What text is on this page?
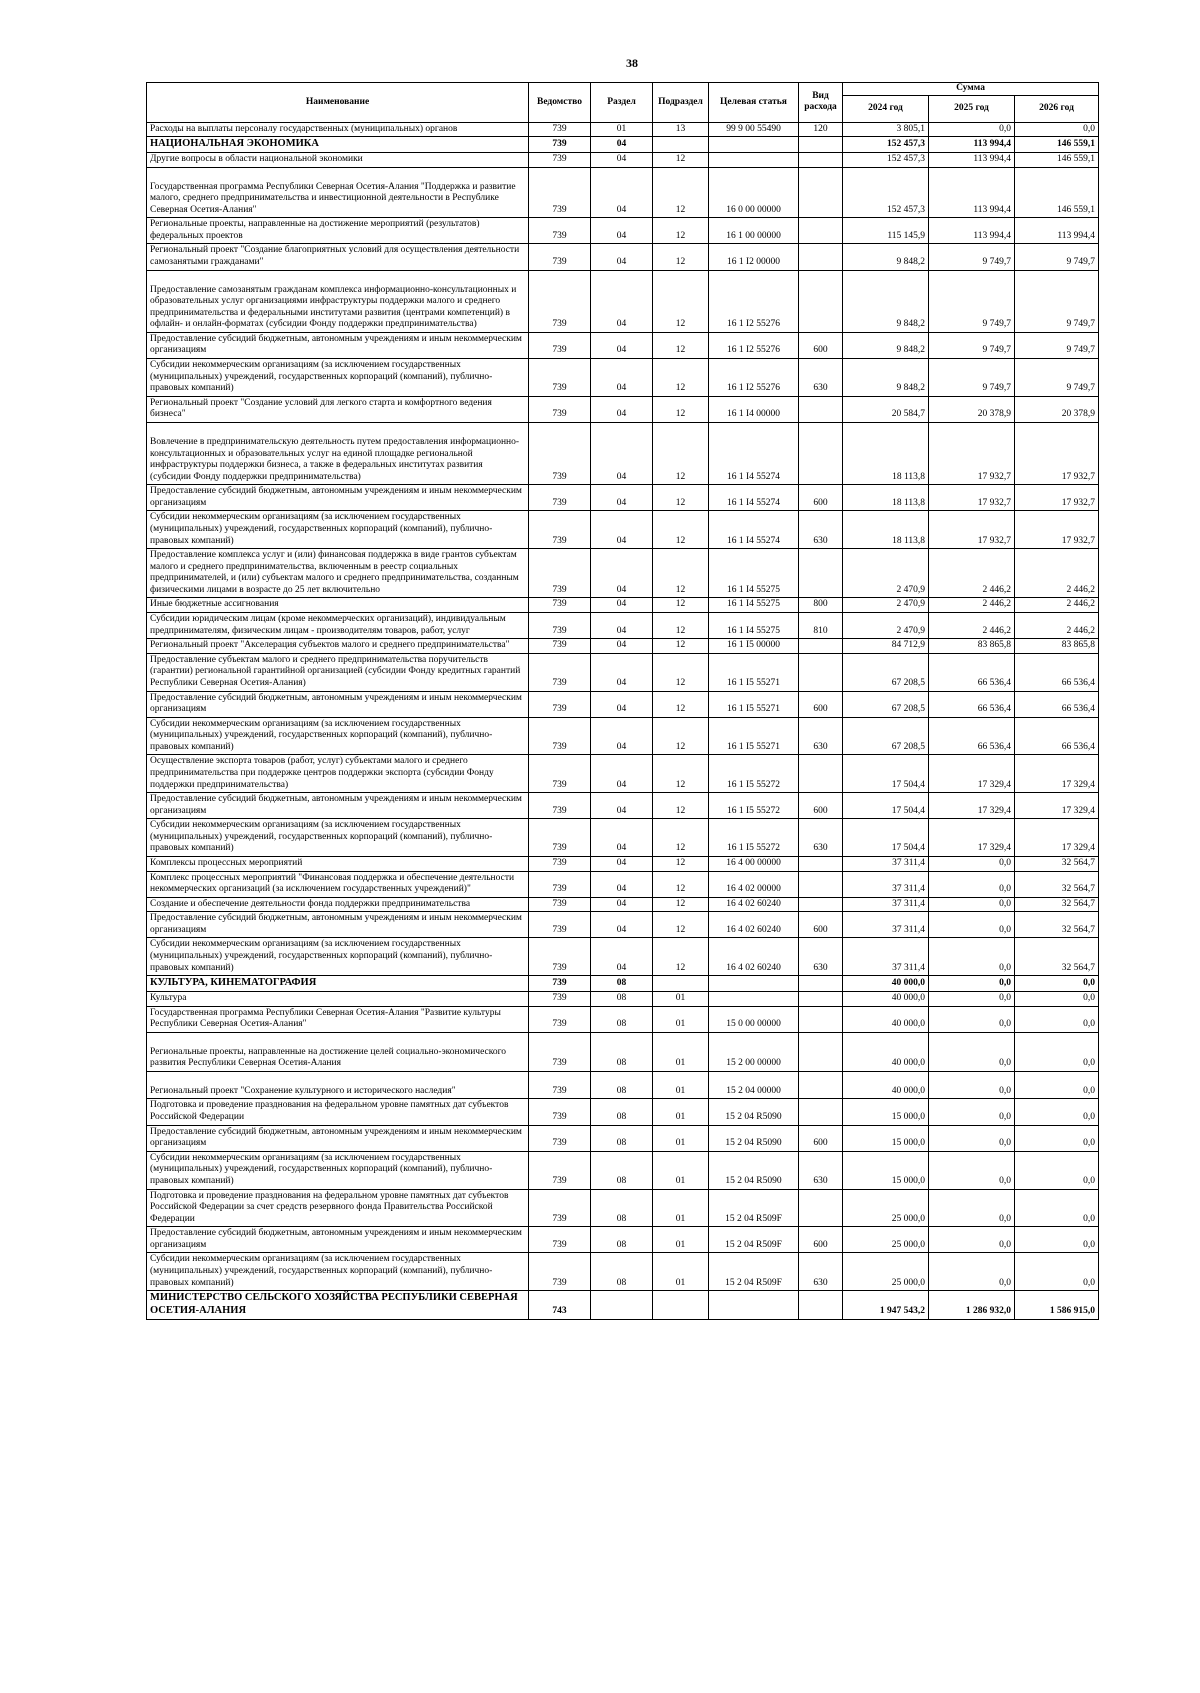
38
Наименование	Ведомство	Раздел	Подраздел	Целевая статья	Вид расхода	Сумма		
						2024 год	2025 год	2026 год
Расходы на выплаты персоналу государственных (муниципальных) органов	739	01	13	99 9 00 55490	120	3 805,1	0,0	0,0
НАЦИОНАЛЬНАЯ ЭКОНОМИКА	739	04				152 457,3	113 994,4	146 559,1
Другие вопросы в области национальной экономики	739	04	12			152 457,3	113 994,4	146 559,1
Государственная программа Республики Северная Осетия-Алания "Поддержка и развитие малого, среднего предпринимательства и инвестиционной деятельности в Республике Северная Осетия-Алания"	739	04	12	16 0 00 00000		152 457,3	113 994,4	146 559,1
Региональные проекты, направленные на достижение мероприятий (результатов) федеральных проектов	739	04	12	16 1 00 00000		115 145,9	113 994,4	113 994,4
Региональный проект "Создание благоприятных условий для осуществления деятельности самозанятыми гражданами"	739	04	12	16 1 I2 00000		9 848,2	9 749,7	9 749,7
Предоставление самозанятым гражданам комплекса информационно-консультационных и образовательных услуг организациями инфраструктуры поддержки малого и среднего предпринимательства и федеральными институтами развития (центрами компетенций) в офлайн- и онлайн-форматах (субсидии Фонду поддержки предпринимательства)	739	04	12	16 1 I2 55276		9 848,2	9 749,7	9 749,7
Предоставление субсидий бюджетным, автономным учреждениям и иным некоммерческим организациям	739	04	12	16 1 I2 55276	600	9 848,2	9 749,7	9 749,7
Субсидии некоммерческим организациям (за исключением государственных (муниципальных) учреждений, государственных корпораций (компаний), публично-правовых компаний)	739	04	12	16 1 I2 55276	630	9 848,2	9 749,7	9 749,7
Региональный проект "Создание условий для легкого старта и комфортного ведения бизнеса"	739	04	12	16 1 I4 00000		20 584,7	20 378,9	20 378,9
Вовлечение в предпринимательскую деятельность путем предоставления информационно-консультационных и образовательных услуг на единой площадке региональной инфраструктуры поддержки бизнеса, а также в федеральных институтах развития (субсидии Фонду поддержки предпринимательства)	739	04	12	16 1 I4 55274		18 113,8	17 932,7	17 932,7
Предоставление субсидий бюджетным, автономным учреждениям и иным некоммерческим организациям	739	04	12	16 1 I4 55274	600	18 113,8	17 932,7	17 932,7
Субсидии некоммерческим организациям (за исключением государственных (муниципальных) учреждений, государственных корпораций (компаний), публично-правовых компаний)	739	04	12	16 1 I4 55274	630	18 113,8	17 932,7	17 932,7
Предоставление комплекса услуг и (или) финансовая поддержка в виде грантов субъектам малого и среднего предпринимательства, включенным в реестр социальных предпринимателей, и (или) субъектам малого и среднего предпринимательства, созданным физическими лицами в возрасте до 25 лет включительно	739	04	12	16 1 I4 55275		2 470,9	2 446,2	2 446,2
Иные бюджетные ассигнования	739	04	12	16 1 I4 55275	800	2 470,9	2 446,2	2 446,2
Субсидии юридическим лицам (кроме некоммерческих организаций), индивидуальным предпринимателям, физическим лицам - производителям товаров, работ, услуг	739	04	12	16 1 I4 55275	810	2 470,9	2 446,2	2 446,2
Региональный проект "Акселерация субъектов малого и среднего предпринимательства"	739	04	12	16 1 I5 00000		84 712,9	83 865,8	83 865,8
Предоставление субъектам малого и среднего предпринимательства поручительств (гарантии) региональной гарантийной организацией (субсидии Фонду кредитных гарантий Республики Северная Осетия-Алания)	739	04	12	16 1 I5 55271		67 208,5	66 536,4	66 536,4
Предоставление субсидий бюджетным, автономным учреждениям и иным некоммерческим организациям	739	04	12	16 1 I5 55271	600	67 208,5	66 536,4	66 536,4
Субсидии некоммерческим организациям (за исключением государственных (муниципальных) учреждений, государственных корпораций (компаний), публично-правовых компаний)	739	04	12	16 1 I5 55271	630	67 208,5	66 536,4	66 536,4
Осуществление экспорта товаров (работ, услуг) субъектами малого и среднего предпринимательства при поддержке центров поддержки экспорта (субсидии Фонду поддержки предпринимательства)	739	04	12	16 1 I5 55272		17 504,4	17 329,4	17 329,4
Предоставление субсидий бюджетным, автономным учреждениям и иным некоммерческим организациям	739	04	12	16 1 I5 55272	600	17 504,4	17 329,4	17 329,4
Субсидии некоммерческим организациям (за исключением государственных (муниципальных) учреждений, государственных корпораций (компаний), публично-правовых компаний)	739	04	12	16 1 I5 55272	630	17 504,4	17 329,4	17 329,4
Комплексы процессных мероприятий	739	04	12	16 4 00 00000		37 311,4	0,0	32 564,7
Комплекс процессных мероприятий "Финансовая поддержка и обеспечение деятельности некоммерческих организаций (за исключением государственных учреждений)"	739	04	12	16 4 02 00000		37 311,4	0,0	32 564,7
Создание и обеспечение деятельности фонда поддержки предпринимательства	739	04	12	16 4 02 60240		37 311,4	0,0	32 564,7
Предоставление субсидий бюджетным, автономным учреждениям и иным некоммерческим организациям	739	04	12	16 4 02 60240	600	37 311,4	0,0	32 564,7
Субсидии некоммерческим организациям (за исключением государственных (муниципальных) учреждений, государственных корпораций (компаний), публично-правовых компаний)	739	04	12	16 4 02 60240	630	37 311,4	0,0	32 564,7
КУЛЬТУРА, КИНЕМАТОГРАФИЯ	739	08				40 000,0	0,0	0,0
Культура	739	08	01			40 000,0	0,0	0,0
Государственная программа Республики Северная Осетия-Алания "Развитие культуры Республики Северная Осетия-Алания"	739	08	01	15 0 00 00000		40 000,0	0,0	0,0
Региональные проекты, направленные на достижение целей социально-экономического развития Республики Северная Осетия-Алания	739	08	01	15 2 00 00000		40 000,0	0,0	0,0
Региональный проект "Сохранение культурного и исторического наследия"	739	08	01	15 2 04 00000		40 000,0	0,0	0,0
Подготовка и проведение празднования на федеральном уровне памятных дат субъектов Российской Федерации	739	08	01	15 2 04 R5090		15 000,0	0,0	0,0
Предоставление субсидий бюджетным, автономным учреждениям и иным некоммерческим организациям	739	08	01	15 2 04 R5090	600	15 000,0	0,0	0,0
Субсидии некоммерческим организациям (за исключением государственных (муниципальных) учреждений, государственных корпораций (компаний), публично-правовых компаний)	739	08	01	15 2 04 R5090	630	15 000,0	0,0	0,0
Подготовка и проведение празднования на федеральном уровне памятных дат субъектов Российской Федерации за счет средств резервного фонда Правительства Российской Федерации	739	08	01	15 2 04 R509F		25 000,0	0,0	0,0
Предоставление субсидий бюджетным, автономным учреждениям и иным некоммерческим организациям	739	08	01	15 2 04 R509F	600	25 000,0	0,0	0,0
Субсидии некоммерческим организациям (за исключением государственных (муниципальных) учреждений, государственных корпораций (компаний), публично-правовых компаний)	739	08	01	15 2 04 R509F	630	25 000,0	0,0	0,0
МИНИСТЕРСТВО СЕЛЬСКОГО ХОЗЯЙСТВА РЕСПУБЛИКИ СЕВЕРНАЯ ОСЕТИЯ-АЛАНИЯ	743					1 947 543,2	1 286 932,0	1 586 915,0
